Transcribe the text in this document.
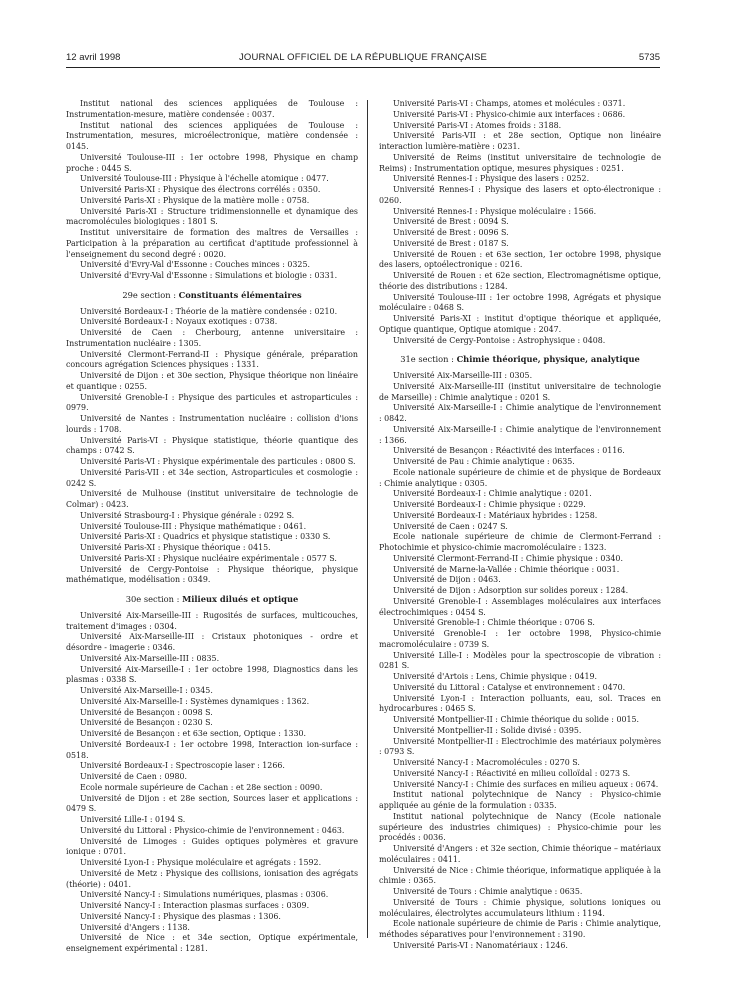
12 avril 1998	JOURNAL OFFICIEL DE LA RÉPUBLIQUE FRANÇAISE	5735

Institut national des sciences appliquées de Toulouse : Instrumentation-mesure, matière condensée : 0037.

Institut national des sciences appliquées de Toulouse : Instrumentation, mesures, microélectronique, matière condensée : 0145.

Université Toulouse-III : 1er octobre 1998, Physique en champ proche : 0445 S.

Université Toulouse-III : Physique à l'échelle atomique : 0477.

Université Paris-XI : Physique des électrons corrélés : 0350.

Université Paris-XI : Physique de la matière molle : 0758.

Université Paris-XI : Structure tridimensionnelle et dynamique des macromolécules biologiques : 1801 S.

Institut universitaire de formation des maîtres de Versailles : Participation à la préparation au certificat d'aptitude professionnel à l'enseignement du second degré : 0020.

Université d'Evry-Val d'Essonne : Couches minces : 0325.

Université d'Evry-Val d'Essonne : Simulations et biologie : 0331.

29e section : Constituants élémentaires

Université Bordeaux-I : Théorie de la matière condensée : 0210.

Université Bordeaux-I : Noyaux exotiques : 0738.

Université de Caen : Cherbourg, antenne universitaire : Instrumentation nucléaire : 1305.

Université Clermont-Ferrand-II : Physique générale, préparation concours agrégation Sciences physiques : 1331.

Université de Dijon : et 30e section, Physique théorique non linéaire et quantique : 0255.

Université Grenoble-I : Physique des particules et astroparticules : 0979.

Université de Nantes : Instrumentation nucléaire : collision d'ions lourds : 1708.

Université Paris-VI : Physique statistique, théorie quantique des champs : 0742 S.

Université Paris-VI : Physique expérimentale des particules : 0800 S.

Université Paris-VII : et 34e section, Astroparticules et cosmologie : 0242 S.

Université de Mulhouse (institut universitaire de technologie de Colmar) : 0423.

Université Strasbourg-I : Physique générale : 0292 S.

Université Toulouse-III : Physique mathématique : 0461.

Université Paris-XI : Quadrics et physique statistique : 0330 S.

Université Paris-XI : Physique théorique : 0415.

Université Paris-XI : Physique nucléaire expérimentale : 0577 S.

Université de Cergy-Pontoise : Physique théorique, physique mathématique, modélisation : 0349.

30e section : Milieux dilués et optique

Université Aix-Marseille-III : Rugosités de surfaces, multicouches, traitement d'images : 0304.

Université Aix-Marseille-III : Cristaux photoniques - ordre et désordre - imagerie : 0346.

Université Aix-Marseille-III : 0835.

Université Aix-Marseille-I : 1er octobre 1998, Diagnostics dans les plasmas : 0338 S.

Université Aix-Marseille-I : 0345.

Université Aix-Marseille-I : Systèmes dynamiques : 1362.

Université de Besançon : 0098 S.

Université de Besançon : 0230 S.

Université de Besançon : et 63e section, Optique : 1330.

Université Bordeaux-I : 1er octobre 1998, Interaction ion-surface : 0518.

Université Bordeaux-I : Spectroscopie laser : 1266.

Université de Caen : 0980.

Ecole normale supérieure de Cachan : et 28e section : 0090.

Université de Dijon : et 28e section, Sources laser et applications : 0479 S.

Université Lille-I : 0194 S.

Université du Littoral : Physico-chimie de l'environnement : 0463.

Université de Limoges : Guides optiques polymères et gravure ionique : 0701.

Université Lyon-I : Physique moléculaire et agrégats : 1592.

Université de Metz : Physique des collisions, ionisation des agrégats (théorie) : 0401.

Université Nancy-I : Simulations numériques, plasmas : 0306.

Université Nancy-I : Interaction plasmas surfaces : 0309.

Université Nancy-I : Physique des plasmas : 1306.

Université d'Angers : 1138.

Université de Nice : et 34e section, Optique expérimentale, enseignement expérimental : 1281.

Université Paris-VI : Champs, atomes et molécules : 0371.

Université Paris-VI : Physico-chimie aux interfaces : 0686.

Université Paris-VI : Atomes froids : 3188.

Université Paris-VII : et 28e section, Optique non linéaire interaction lumière-matière : 0231.

Université de Reims (institut universitaire de technologie de Reims) : Instrumentation optique, mesures physiques : 0251.

Université Rennes-I : Physique des lasers : 0252.

Université Rennes-I : Physique des lasers et opto-électronique : 0260.

Université Rennes-I : Physique moléculaire : 1566.

Université de Brest : 0094 S.

Université de Brest : 0096 S.

Université de Brest : 0187 S.

Université de Rouen : et 63e section, 1er octobre 1998, physique des lasers, optoélectronique : 0216.

Université de Rouen : et 62e section, Electromagnétisme optique, théorie des distributions : 1284.

Université Toulouse-III : 1er octobre 1998, Agrégats et physique moléculaire : 0468 S.

Université Paris-XI : institut d'optique théorique et appliquée, Optique quantique, Optique atomique : 2047.

Université de Cergy-Pontoise : Astrophysique : 0408.

31e section : Chimie théorique, physique, analytique

Université Aix-Marseille-III : 0305.

Université Aix-Marseille-III (institut universitaire de technologie de Marseille) : Chimie analytique : 0201 S.

Université Aix-Marseille-I : Chimie analytique de l'environnement : 0842.

Université Aix-Marseille-I : Chimie analytique de l'environnement : 1366.

Université de Besançon : Réactivité des interfaces : 0116.

Université de Pau : Chimie analytique : 0635.

Ecole nationale supérieure de chimie et de physique de Bordeaux : Chimie analytique : 0305.

Université Bordeaux-I : Chimie analytique : 0201.

Université Bordeaux-I : Chimie physique : 0229.

Université Bordeaux-I : Matériaux hybrides : 1258.

Université de Caen : 0247 S.

Ecole nationale supérieure de chimie de Clermont-Ferrand : Photochimie et physico-chimie macromoléculaire : 1323.

Université Clermont-Ferrand-II : Chimie physique : 0340.

Université de Marne-la-Vallée : Chimie théorique : 0031.

Université de Dijon : 0463.

Université de Dijon : Adsorption sur solides poreux : 1284.

Université Grenoble-I : Assemblages moléculaires aux interfaces électrochimiques : 0454 S.

Université Grenoble-I : Chimie théorique : 0706 S.

Université Grenoble-I : 1er octobre 1998, Physico-chimie macromoléculaire : 0739 S.

Université Lille-I : Modèles pour la spectroscopie de vibration : 0281 S.

Université d'Artois : Lens, Chimie physique : 0419.

Université du Littoral : Catalyse et environnement : 0470.

Université Lyon-I : Interaction polluants, eau, sol. Traces en hydrocarbures : 0465 S.

Université Montpellier-II : Chimie théorique du solide : 0015.

Université Montpellier-II : Solide divisé : 0395.

Université Montpellier-II : Electrochimie des matériaux polymères : 0793 S.

Université Nancy-I : Macromolécules : 0270 S.

Université Nancy-I : Réactivité en milieu colloïdal : 0273 S.

Université Nancy-I : Chimie des surfaces en milieu aqueux : 0674.

Institut national polytechnique de Nancy : Physico-chimie appliquée au génie de la formulation : 0335.

Institut national polytechnique de Nancy (Ecole nationale supérieure des industries chimiques) : Physico-chimie pour les procédés : 0036.

Université d'Angers : et 32e section, Chimie théorique – matériaux moléculaires : 0411.

Université de Nice : Chimie théorique, informatique appliquée à la chimie : 0365.

Université de Tours : Chimie analytique : 0635.

Université de Tours : Chimie physique, solutions ioniques ou moléculaires, électrolytes accumulateurs lithium : 1194.

Ecole nationale supérieure de chimie de Paris : Chimie analytique, méthodes séparatives pour l'environnement : 3190.

Université Paris-VI : Nanomatériaux : 1246.
